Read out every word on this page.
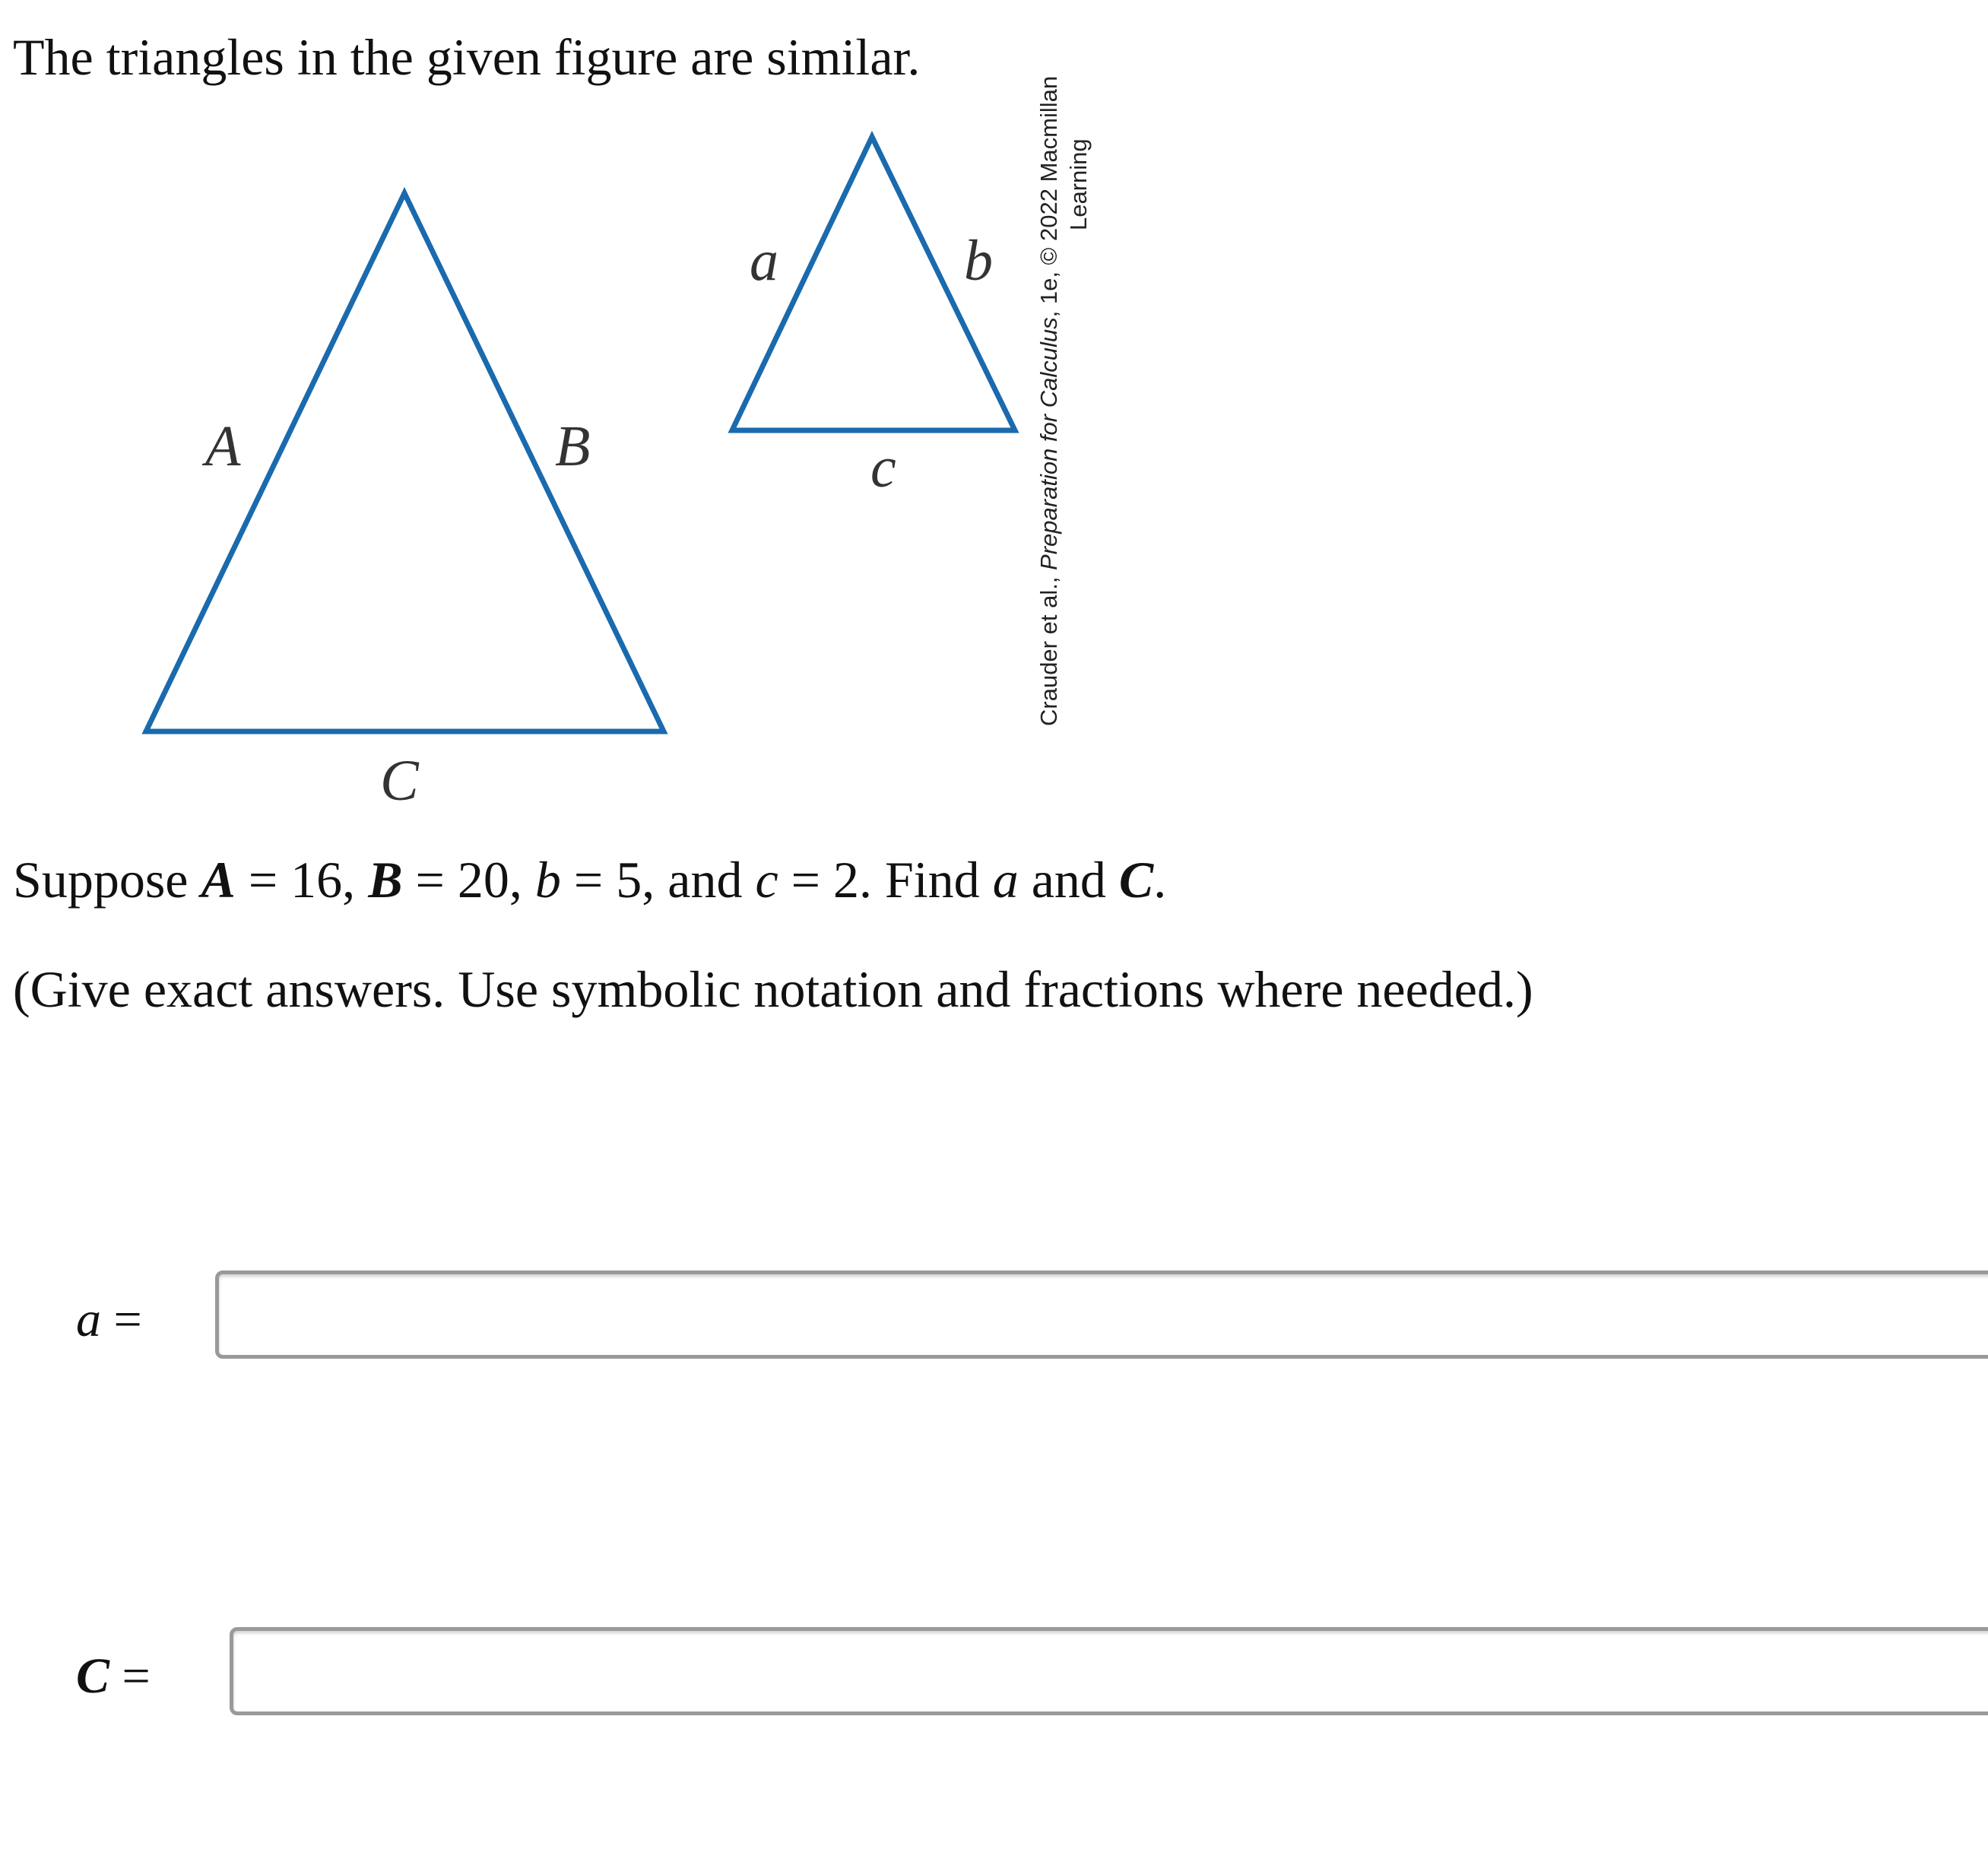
The triangles in the given figure are similar.

A	B
C
a	b
c
Crauder et al., Preparation for Calculus, 1e, © 2022 Macmillan Learning

Suppose A = 16, B = 20, b = 5, and c = 2. Find a and C.

(Give exact answers. Use symbolic notation and fractions where needed.)

a =
C =
